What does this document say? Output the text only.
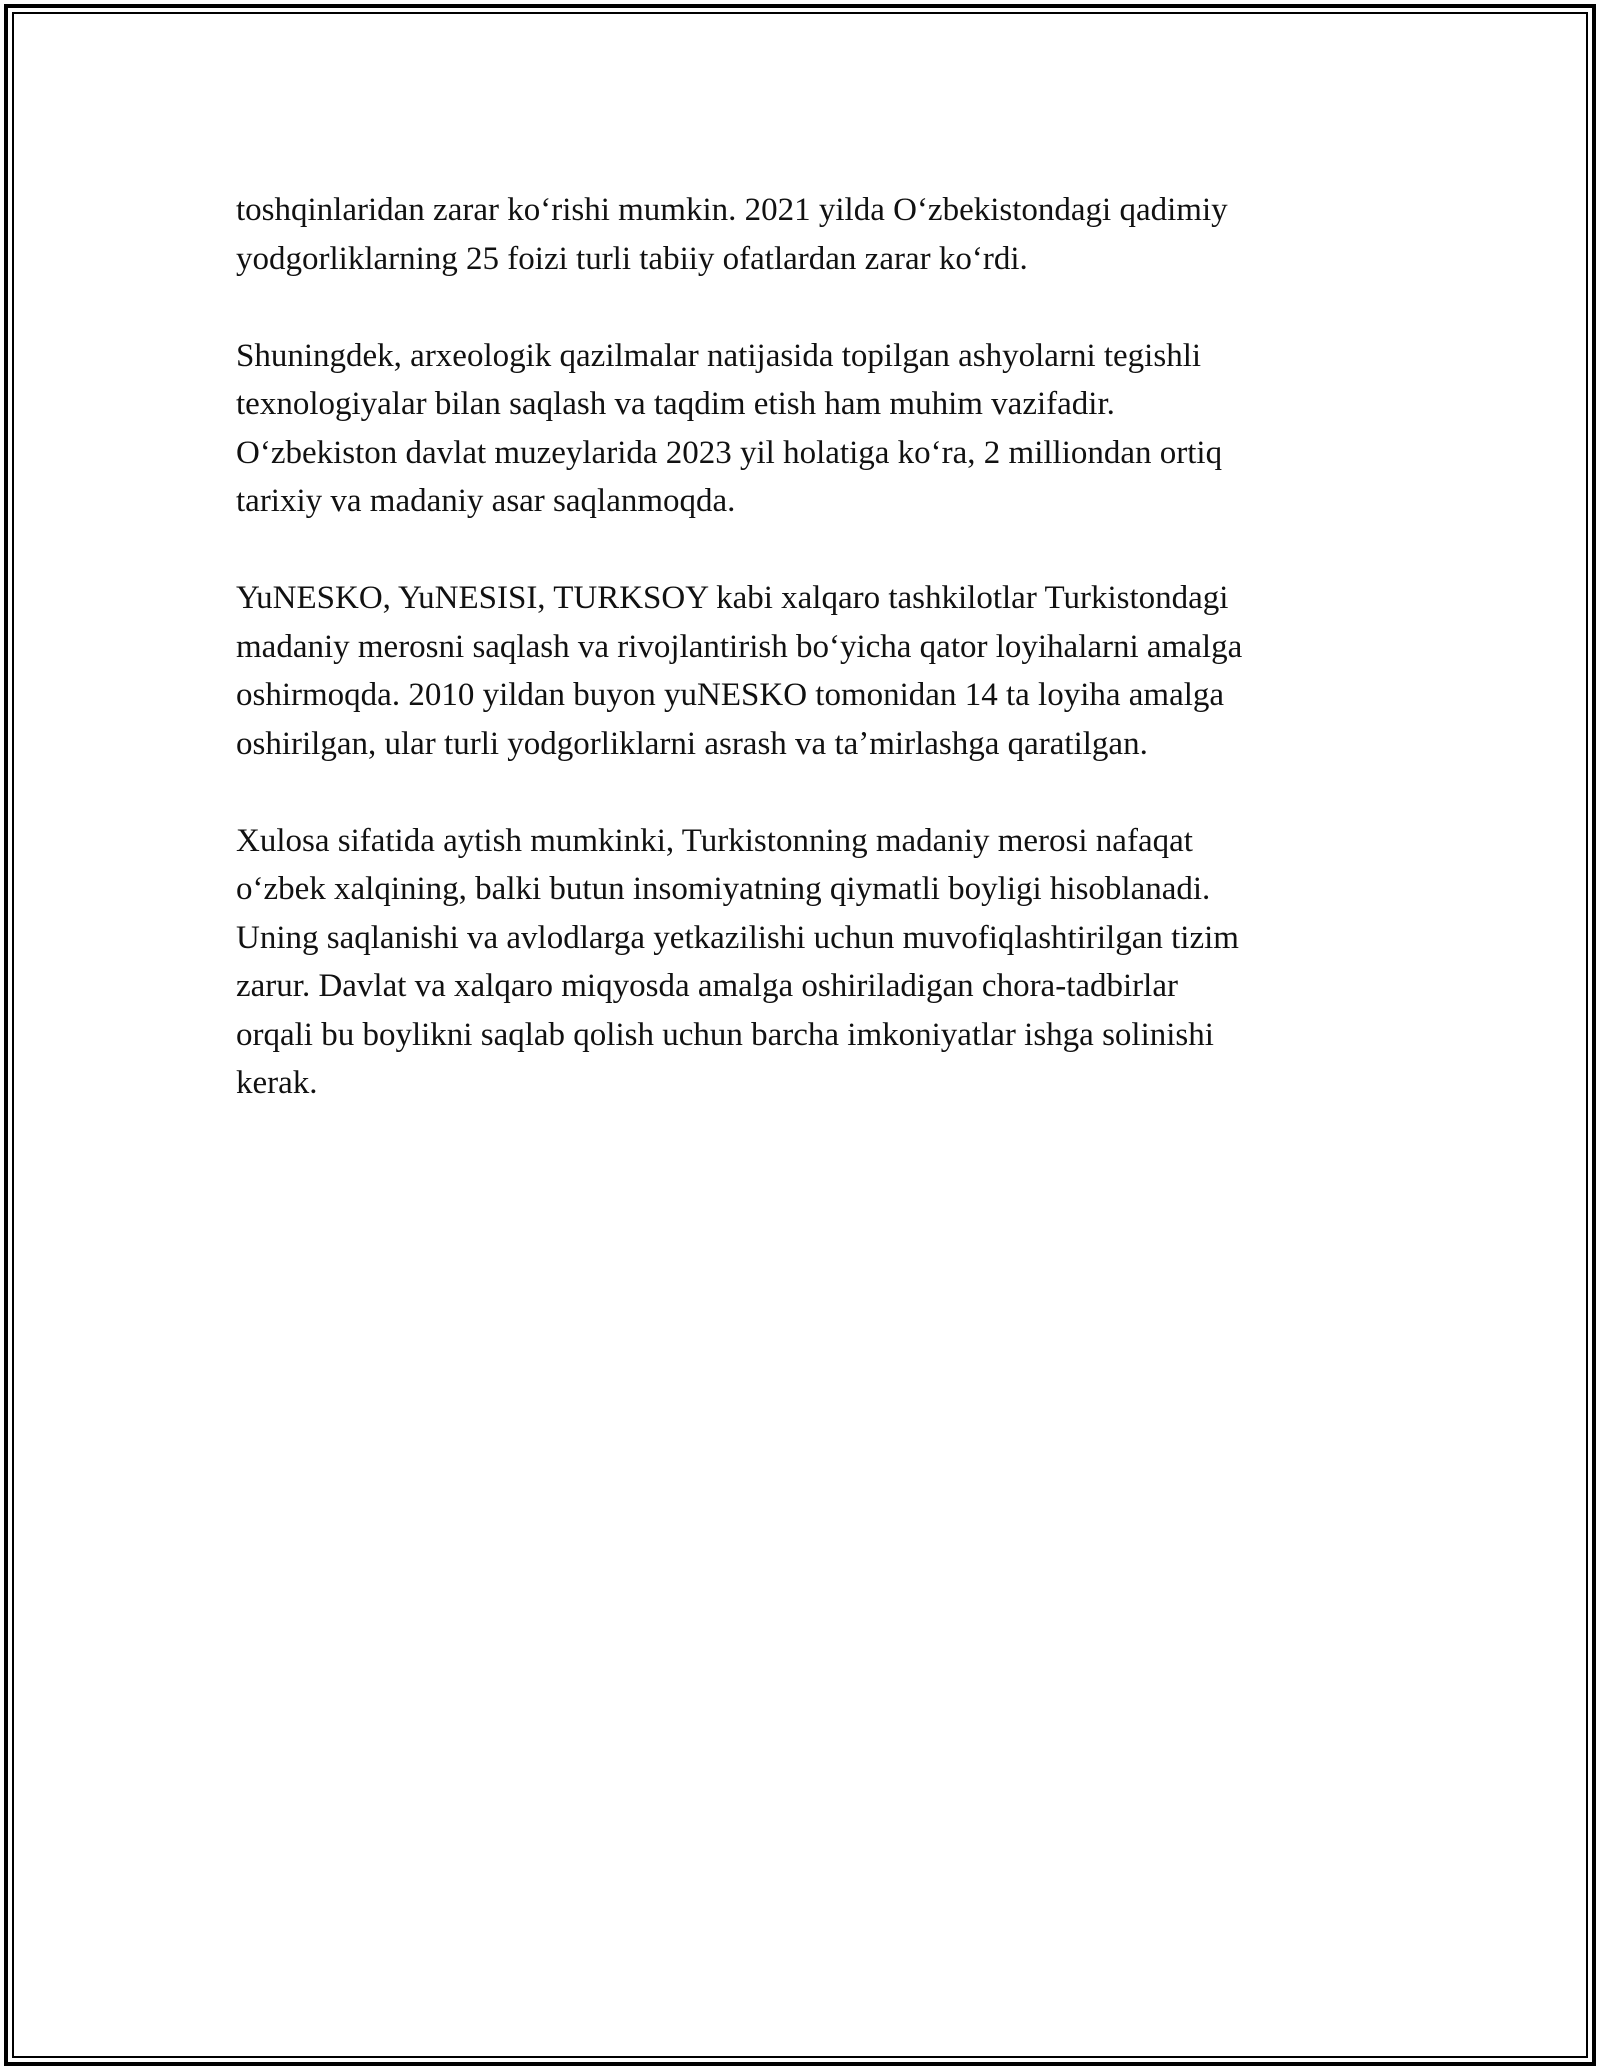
toshqinlaridan zarar koʻrishi mumkin. 2021 yilda Oʻzbekistondagi qadimiy
yodgorliklarning 25 foizi turli tabiiy ofatlardan zarar koʻrdi.

Shuningdek, arxeologik qazilmalar natijasida topilgan ashyolarni tegishli
texnologiyalar bilan saqlash va taqdim etish ham muhim vazifadir.
Oʻzbekiston davlat muzeylarida 2023 yil holatiga koʻra, 2 milliondan ortiq
tarixiy va madaniy asar saqlanmoqda.

YuNESKO, YuNESISI, TURKSOY kabi xalqaro tashkilotlar Turkistondagi
madaniy merosni saqlash va rivojlantirish boʻyicha qator loyihalarni amalga
oshirmoqda. 2010 yildan buyon yuNESKO tomonidan 14 ta loyiha amalga
oshirilgan, ular turli yodgorliklarni asrash va taʼmirlashga qaratilgan.

Xulosa sifatida aytish mumkinki, Turkistonning madaniy merosi nafaqat
oʻzbek xalqining, balki butun insomiyatning qiymatli boyligi hisoblanadi.
Uning saqlanishi va avlodlarga yetkazilishi uchun muvofiqlashtirilgan tizim
zarur. Davlat va xalqaro miqyosda amalga oshiriladigan chora-tadbirlar
orqali bu boylikni saqlab qolish uchun barcha imkoniyatlar ishga solinishi
kerak.
